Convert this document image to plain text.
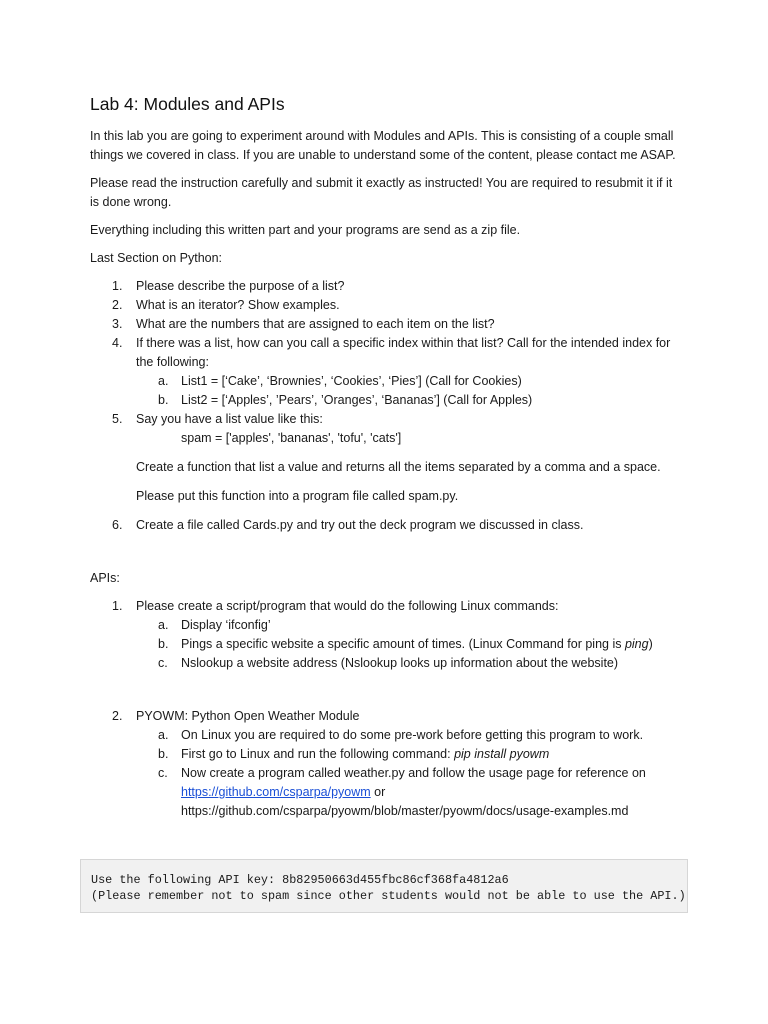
Lab 4: Modules and APIs

In this lab you are going to experiment around with Modules and APIs. This is consisting of a couple small things we covered in class. If you are unable to understand some of the content, please contact me ASAP.

Please read the instruction carefully and submit it exactly as instructed! You are required to resubmit it if it is done wrong.

Everything including this written part and your programs are send as a zip file.

Last Section on Python:

1.	Please describe the purpose of a list?
2.	What is an iterator? Show examples.
3.	What are the numbers that are assigned to each item on the list?
4.	If there was a list, how can you call a specific index within that list? Call for the intended index for the following:
a. List1 = [‘Cake’, ‘Brownies’, ‘Cookies’, ‘Pies’] (Call for Cookies)
b. List2 = [‘Apples’, ’Pears’, ’Oranges’, ‘Bananas’] (Call for Apples)
5.	Say you have a list value like this:
spam = ['apples', 'bananas', 'tofu', 'cats']
Create a function that list a value and returns all the items separated by a comma and a space.
Please put this function into a program file called spam.py.
6.	Create a file called Cards.py and try out the deck program we discussed in class.

APIs:

1.	Please create a script/program that would do the following Linux commands:
a. Display ‘ifconfig’
b. Pings a specific website a specific amount of times. (Linux Command for ping is ping)
c. Nslookup a website address (Nslookup looks up information about the website)
2.	PYOWM: Python Open Weather Module
a. On Linux you are required to do some pre-work before getting this program to work.
b. First go to Linux and run the following command: pip install pyowm
c. Now create a program called weather.py and follow the usage page for reference on
https://github.com/csparpa/pyowm or
https://github.com/csparpa/pyowm/blob/master/pyowm/docs/usage-examples.md
Use the following API key: 8b82950663d455fbc86cf368fa4812a6
(Please remember not to spam since other students would not be able to use the API.)
